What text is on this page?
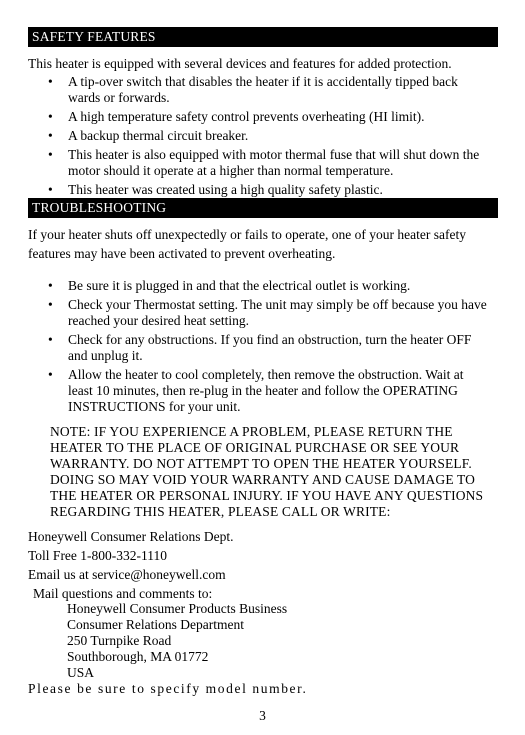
SAFETY FEATURES
This heater is equipped with several devices and features for added protection.
• A tip-over switch that disables the heater if it is accidentally tipped back wards or forwards.
• A high temperature safety control prevents overheating (HI limit).
• A backup thermal circuit breaker.
• This heater is also equipped with motor thermal fuse that will shut down the motor should it operate at a higher than normal temperature.
• This heater was created using a high quality safety plastic.
TROUBLESHOOTING
If your heater shuts off unexpectedly or fails to operate, one of your heater safety features may have been activated to prevent overheating.
• Be sure it is plugged in and that the electrical outlet is working.
• Check your Thermostat setting. The unit may simply be off because you have reached your desired heat setting.
• Check for any obstructions. If you find an obstruction, turn the heater OFF and unplug it.
• Allow the heater to cool completely, then remove the obstruction. Wait at least 10 minutes, then re-plug in the heater and follow the OPERATING INSTRUCTIONS for your unit.
NOTE: IF YOU EXPERIENCE A PROBLEM, PLEASE RETURN THE HEATER TO THE PLACE OF ORIGINAL PURCHASE OR SEE YOUR WARRANTY. DO NOT ATTEMPT TO OPEN THE HEATER YOURSELF. DOING SO MAY VOID YOUR WARRANTY AND CAUSE DAMAGE TO THE HEATER OR PERSONAL INJURY. IF YOU HAVE ANY QUESTIONS REGARDING THIS HEATER, PLEASE CALL OR WRITE:
Honeywell Consumer Relations Dept.
Toll Free 1-800-332-1110
Email us at service@honeywell.com
Mail questions and comments to:
Honeywell Consumer Products Business
Consumer Relations Department
250 Turnpike Road
Southborough, MA 01772
USA
Please be sure to specify model number.
3
